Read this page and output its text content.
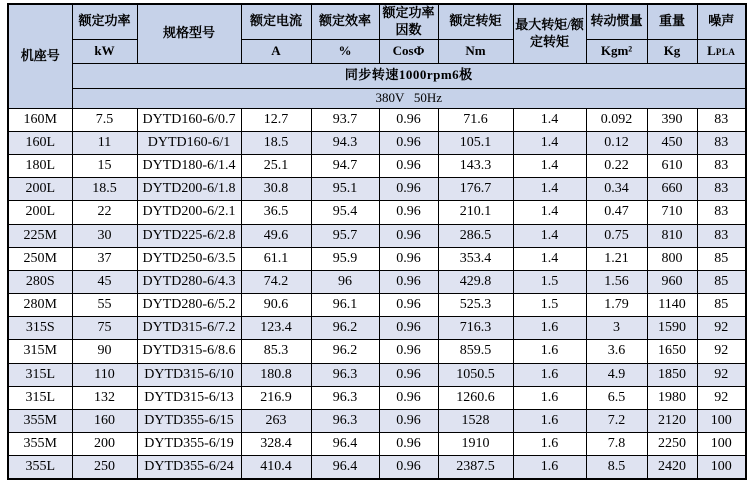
机座号	额定功率	规格型号	额定电流	额定效率	额定功率因数	额定转矩	最大转矩/额定转矩	转动惯量	重量	噪声
	kW		A	%	CosΦ	Nm		Kgm²	Kg	LPLA
	同步转速1000rpm6极									
	380V   50Hz									
160M	7.5	DYTD160-6/0.7	12.7	93.7	0.96	71.6	1.4	0.092	390	83
160L	11	DYTD160-6/1	18.5	94.3	0.96	105.1	1.4	0.12	450	83
180L	15	DYTD180-6/1.4	25.1	94.7	0.96	143.3	1.4	0.22	610	83
200L	18.5	DYTD200-6/1.8	30.8	95.1	0.96	176.7	1.4	0.34	660	83
200L	22	DYTD200-6/2.1	36.5	95.4	0.96	210.1	1.4	0.47	710	83
225M	30	DYTD225-6/2.8	49.6	95.7	0.96	286.5	1.4	0.75	810	83
250M	37	DYTD250-6/3.5	61.1	95.9	0.96	353.4	1.4	1.21	800	85
280S	45	DYTD280-6/4.3	74.2	96	0.96	429.8	1.5	1.56	960	85
280M	55	DYTD280-6/5.2	90.6	96.1	0.96	525.3	1.5	1.79	1140	85
315S	75	DYTD315-6/7.2	123.4	96.2	0.96	716.3	1.6	3	1590	92
315M	90	DYTD315-6/8.6	85.3	96.2	0.96	859.5	1.6	3.6	1650	92
315L	110	DYTD315-6/10	180.8	96.3	0.96	1050.5	1.6	4.9	1850	92
315L	132	DYTD315-6/13	216.9	96.3	0.96	1260.6	1.6	6.5	1980	92
355M	160	DYTD355-6/15	263	96.3	0.96	1528	1.6	7.2	2120	100
355M	200	DYTD355-6/19	328.4	96.4	0.96	1910	1.6	7.8	2250	100
355L	250	DYTD355-6/24	410.4	96.4	0.96	2387.5	1.6	8.5	2420	100
